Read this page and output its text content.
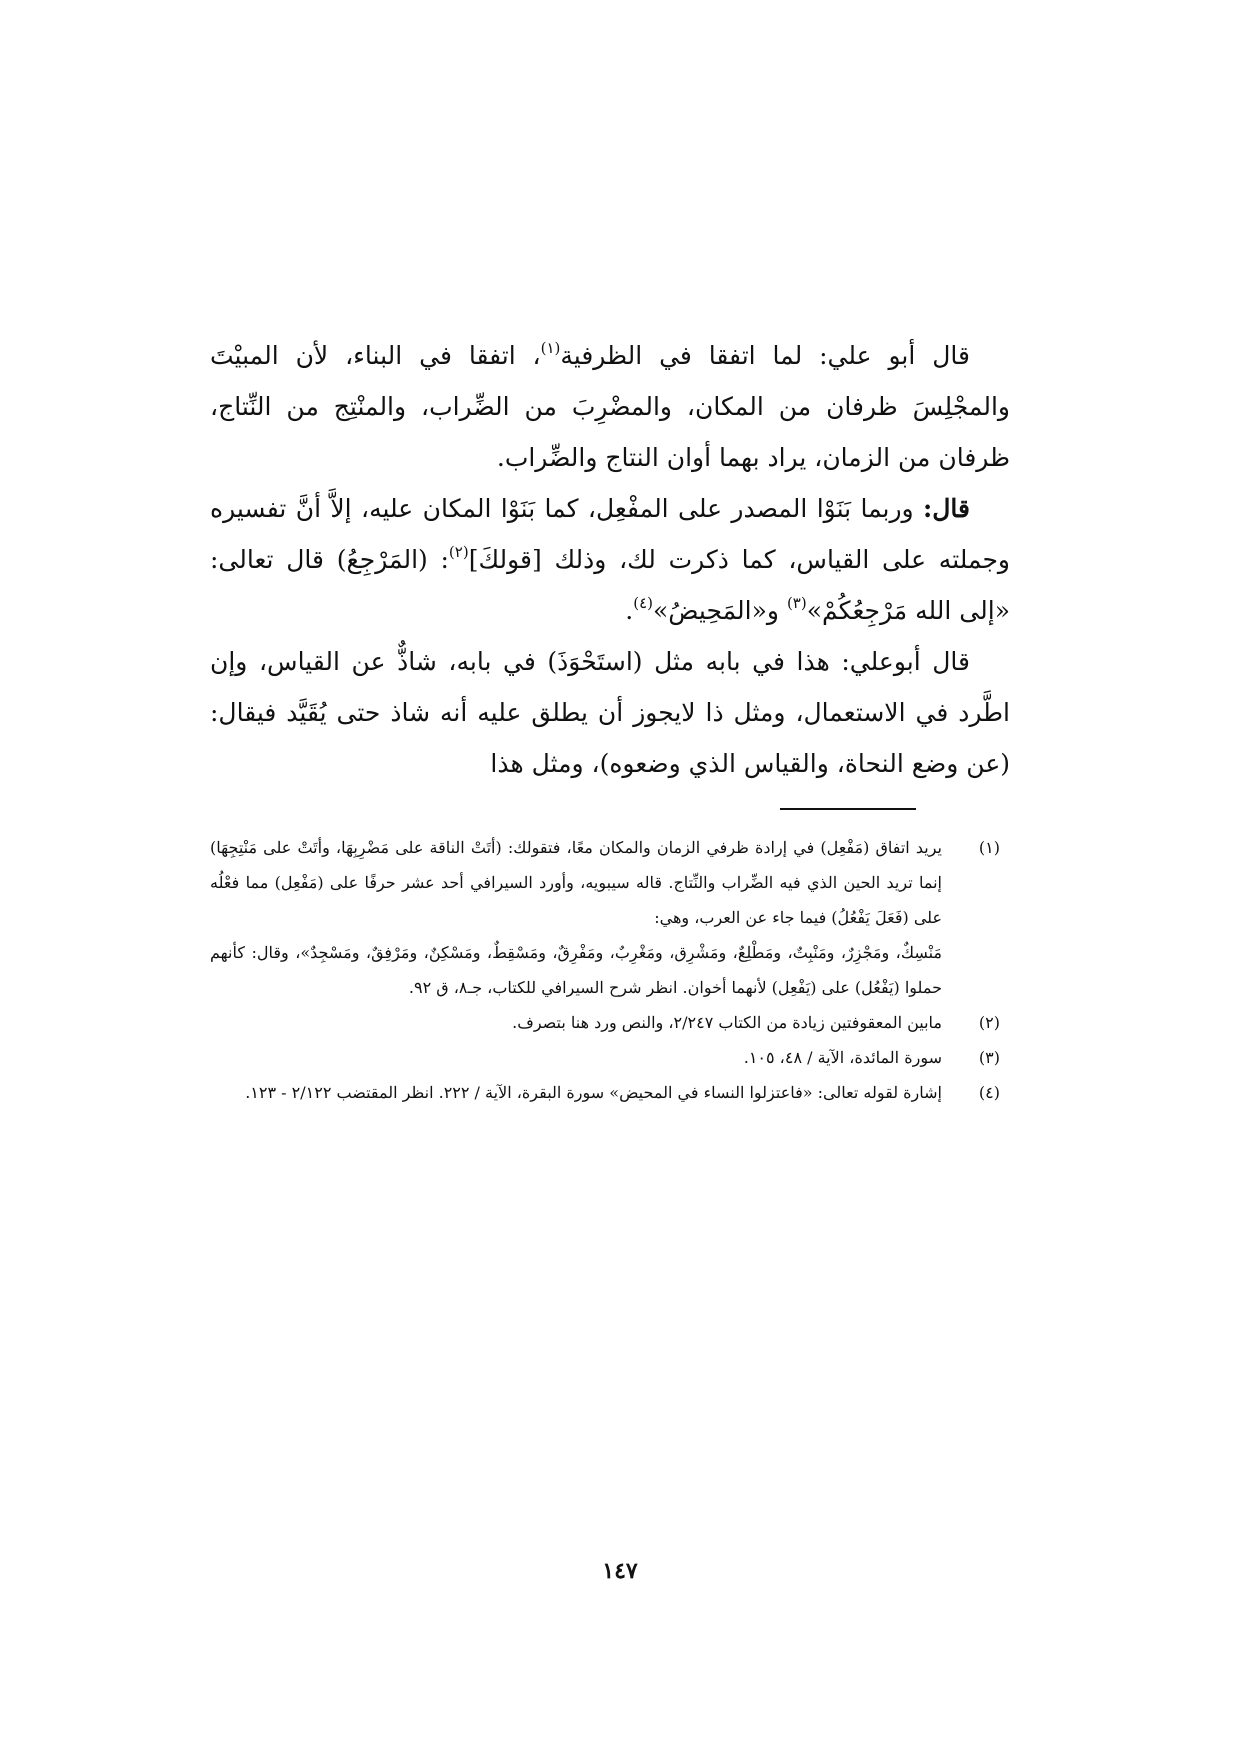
قال أبو علي: لما اتفقا في الظرفية$^{(١)}$، اتفقا في البناء، لأن المبيْتَ والمجْلِسَ ظرفان من المكان، والمضْرِبَ من الضِّراب، والمنْتِج من النِّتاج، ظرفان من الزمان، يراد بهما أوان النتاج والضِّراب.

قال: وربما بَنَوْا المصدر على المفْعِل، كما بَنَوْا المكان عليه، إلاَّ أنَّ تفسيره وجملته على القياس، كما ذكرت لك، وذلك [قولكَ]$^{(٢)}$: (المَرْجِعُ) قال تعالى: «إلى الله مَرْجِعُكُمْ»$^{(٣)}$ و«المَحِيضُ»$^{(٤)}$.

قال أبوعلي: هذا في بابه مثل (استَحْوَذَ) في بابه، شاذٌّ عن القياس، وإن اطَّرد في الاستعمال، ومثل ذا لايجوز أن يطلق عليه أنه شاذ حتى يُقَيَّد فيقال: (عن وضع النحاة، والقياس الذي وضعوه)، ومثل هذا

(١)

يريد اتفاق (مَفْعِل) في إرادة ظرفي الزمان والمكان معًا، فتقولك: (أتَتْ الناقة على مَضْرِبِهَا، وأتَتْ على مَنْتِجِهَا) إنما تريد الحين الذي فيه الضِّراب والنِّتاج. قاله سيبويه، وأورد السيرافي أحد عشر حرفًا على (مَفْعِل) مما فعْلُه على (فَعَلَ يَفْعُلُ) فيما جاء عن العرب، وهي:

مَنْسِكٌ، ومَجْزِرٌ، ومَنْبِتٌ، ومَطْلِعٌ، ومَشْرِق، ومَغْرِبٌ، ومَفْرِقٌ، ومَسْقِطٌ، ومَسْكِنٌ، ومَرْفِقٌ، ومَسْجِدٌ»، وقال: كأنهم حملوا (يَفْعُل) على (يَفْعِل) لأنهما أخوان. انظر شرح السيرافي للكتاب، جـ٨، ق ٩٢.

(٢)

مابين المعقوفتين زيادة من الكتاب ٢/٢٤٧، والنص ورد هنا بتصرف.

(٣)

سورة المائدة، الآية / ٤٨، ١٠٥.

(٤)

إشارة لقوله تعالى: «فاعتزلوا النساء في المحيض» سورة البقرة، الآية / ٢٢٢. انظر المقتضب ٢/١٢٢ - ١٢٣.

١٤٧
